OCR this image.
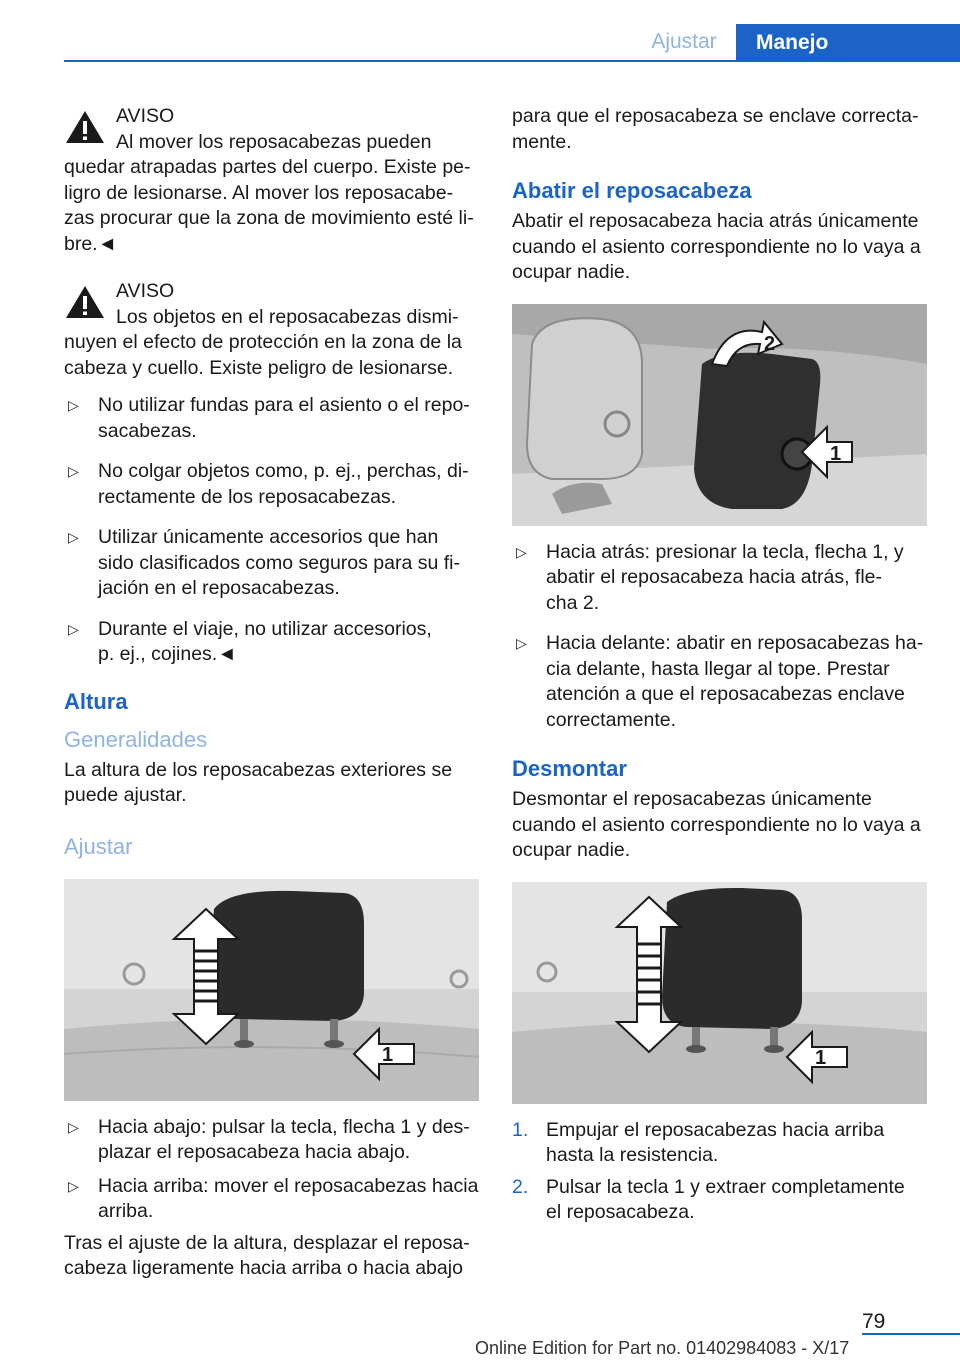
Ajustar	Manejo

AVISO

Al mover los reposacabezas pueden

quedar atrapadas partes del cuerpo. Existe pe-

ligro de lesionarse. Al mover los reposacabe-

zas procurar que la zona de movimiento esté li-

bre.◄

AVISO

Los objetos en el reposacabezas dismi-

nuyen el efecto de protección en la zona de la

cabeza y cuello. Existe peligro de lesionarse.

▷ No utilizar fundas para el asiento o el repo-
sacabezas.
▷ No colgar objetos como, p. ej., perchas, di-
rectamente de los reposacabezas.
▷ Utilizar únicamente accesorios que han
sido clasificados como seguros para su fi-
jación en el reposacabezas.
▷ Durante el viaje, no utilizar accesorios,
p. ej., cojines.◄
Altura
Generalidades

La altura de los reposacabezas exteriores se
puede ajustar.

Ajustar
1
▷ Hacia abajo: pulsar la tecla, flecha 1 y des-
plazar el reposacabeza hacia abajo.
▷ Hacia arriba: mover el reposacabezas hacia
arriba.

Tras el ajuste de la altura, desplazar el reposa-
cabeza ligeramente hacia arriba o hacia abajo

para que el reposacabeza se enclave correcta-
mente.

Abatir el reposacabeza

Abatir el reposacabeza hacia atrás únicamente
cuando el asiento correspondiente no lo vaya a
ocupar nadie.

2
1
▷ Hacia atrás: presionar la tecla, flecha 1, y
abatir el reposacabeza hacia atrás, fle-
cha 2.
▷ Hacia delante: abatir en reposacabezas ha-
cia delante, hasta llegar al tope. Prestar
atención a que el reposacabezas enclave
correctamente.
Desmontar

Desmontar el reposacabezas únicamente
cuando el asiento correspondiente no lo vaya a
ocupar nadie.

1
1. Empujar el reposacabezas hacia arriba
hasta la resistencia.
2. Pulsar la tecla 1 y extraer completamente
el reposacabeza.
79
Online Edition for Part no. 01402984083 - X/17
